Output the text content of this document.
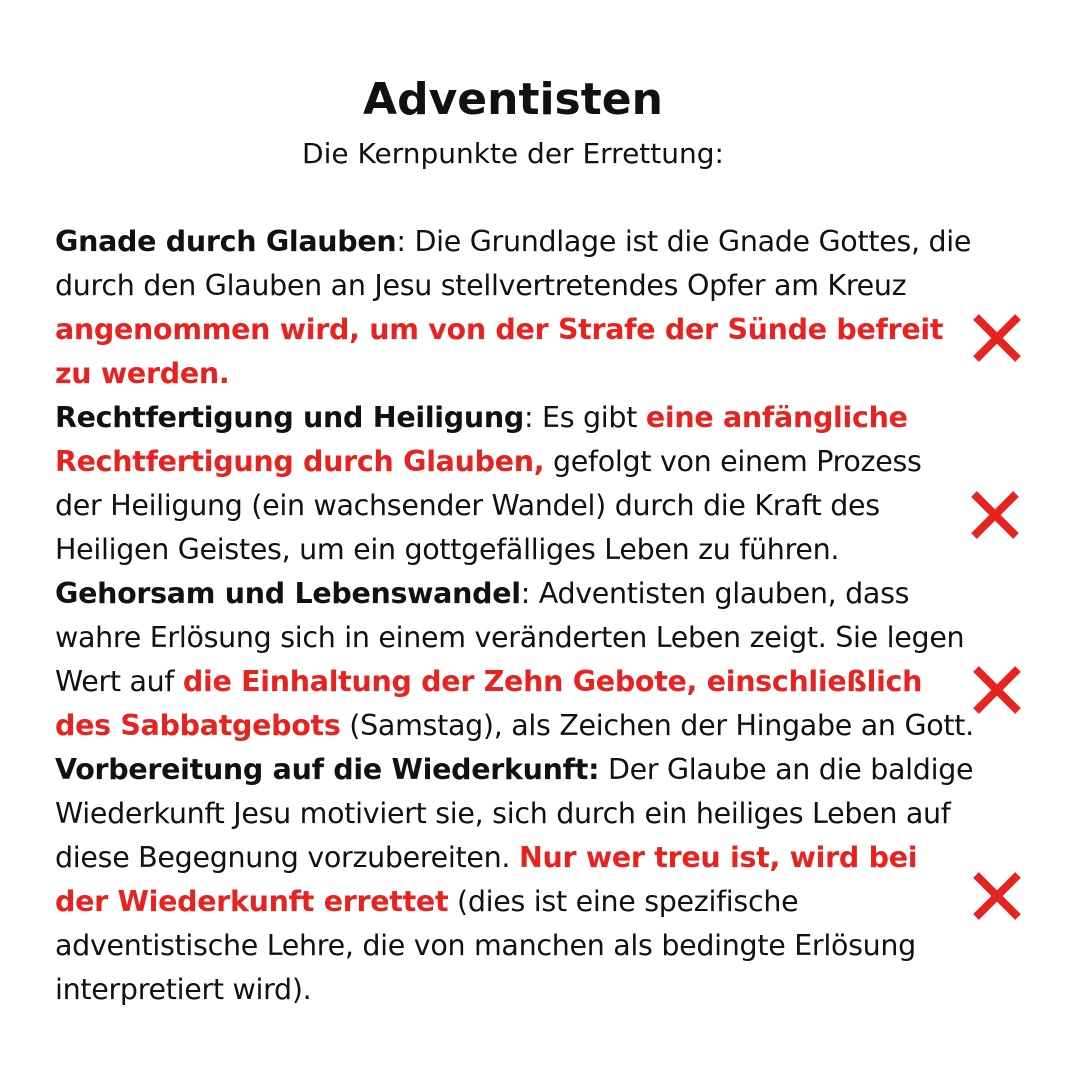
Adventisten

Die Kernpunkte der Errettung:

Gnade durch Glauben: Die Grundlage ist die Gnade Gottes, die durch den Glauben an Jesu stellvertretendes Opfer am Kreuz angenommen wird, um von der Strafe der Sünde befreit zu werden.

Rechtfertigung und Heiligung: Es gibt eine anfängliche Rechtfertigung durch Glauben, gefolgt von einem Prozess der Heiligung (ein wachsender Wandel) durch die Kraft des Heiligen Geistes, um ein gottgefälliges Leben zu führen.

Gehorsam und Lebenswandel: Adventisten glauben, dass wahre Erlösung sich in einem veränderten Leben zeigt. Sie legen Wert auf die Einhaltung der Zehn Gebote, einschließlich des Sabbatgebots (Samstag), als Zeichen der Hingabe an Gott.

Vorbereitung auf die Wiederkunft: Der Glaube an die baldige Wiederkunft Jesu motiviert sie, sich durch ein heiliges Leben auf diese Begegnung vorzubereiten. Nur wer treu ist, wird bei der Wiederkunft errettet (dies ist eine spezifische adventistische Lehre, die von manchen als bedingte Erlösung interpretiert wird).
